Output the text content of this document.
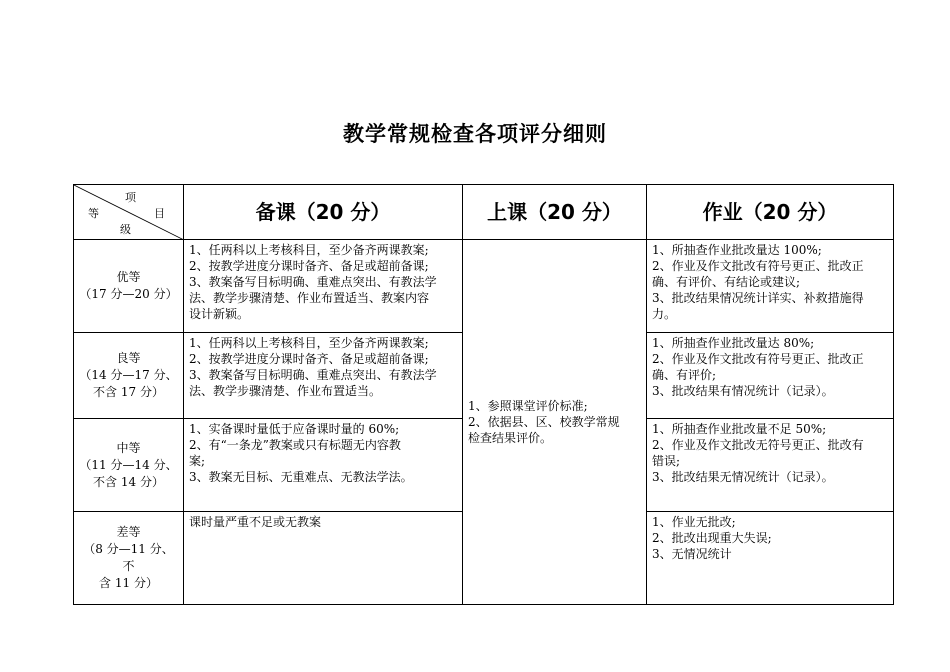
教学常规检查各项评分细则
项
目
等
级	备课（20 分）	上课（20 分）	作业（20 分）

优等
（17 分—20 分）	1、任两科以上考核科目，至少备齐两课教案;
2、按教学进度分课时备齐、备足或超前备课;
3、教案备写目标明确、重难点突出、有教法学
法、教学步骤清楚、作业布置适当、教案内容
设计新颖。	1、参照课堂评价标准;
2、依据县、区、校教学常规
检查结果评价。	1、所抽查作业批改量达 100%;
2、作业及作文批改有符号更正、批改正
确、有评价、有结论或建议;
3、批改结果情况统计详实、补救措施得
力。

良等
（14 分—17 分、
不含 17 分）	1、任两科以上考核科目，至少备齐两课教案;
2、按教学进度分课时备齐、备足或超前备课;
3、教案备写目标明确、重难点突出、有教法学
法、教学步骤清楚、作业布置适当。		1、所抽查作业批改量达 80%;
2、作业及作文批改有符号更正、批改正
确、有评价;
3、批改结果有情况统计（记录）。

中等
（11 分—14 分、
不含 14 分）	1、实备课时量低于应备课时量的 60%;
2、有“一条龙”教案或只有标题无内容教
案;
3、教案无目标、无重难点、无教法学法。		1、所抽查作业批改量不足 50%;
2、作业及作文批改无符号更正、批改有
错误;
3、批改结果无情况统计（记录）。

差等
（8 分—11 分、不
含 11 分）	课时量严重不足或无教案		1、作业无批改;
2、批改出现重大失误;
3、无情况统计
